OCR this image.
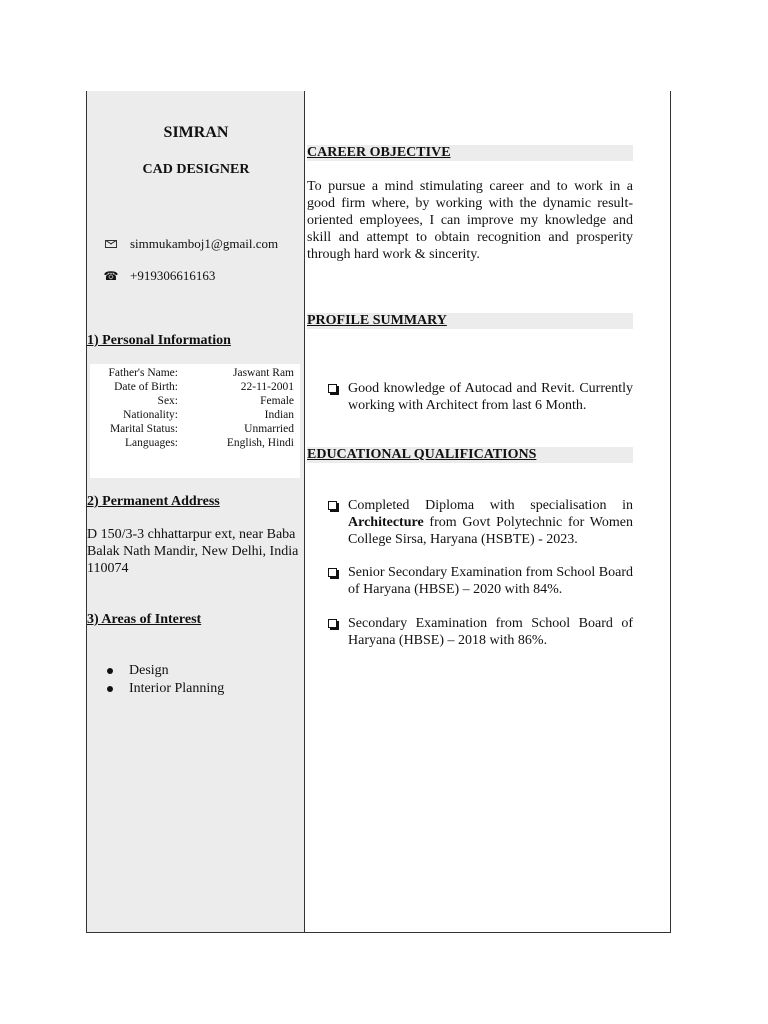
SIMRAN
CAD DESIGNER
simmukamboj1@gmail.com
☎ +919306616163
1) Personal Information
Father's Name:	Jaswant Ram
Date of Birth:	22-11-2001
Sex:	Female
Nationality:	Indian
Marital Status:	Unmarried
Languages:	English, Hindi
2) Permanent Address
D 150/3-3 chhattarpur ext, near Baba Balak Nath Mandir, New Delhi, India 110074
3) Areas of Interest
Design
Interior Planning
CAREER OBJECTIVE
To pursue a mind stimulating career and to work in a good firm where, by working with the dynamic result-oriented employees, I can improve my knowledge and skill and attempt to obtain recognition and prosperity through hard work & sincerity.
PROFILE SUMMARY
Good knowledge of Autocad and Revit. Currently working with Architect from last 6 Month.
EDUCATIONAL QUALIFICATIONS
Completed Diploma with specialisation in Architecture from Govt Polytechnic for Women College Sirsa, Haryana (HSBTE) - 2023.
Senior Secondary Examination from School Board of Haryana (HBSE) – 2020 with 84%.
Secondary Examination from School Board of Haryana (HBSE) – 2018 with 86%.
